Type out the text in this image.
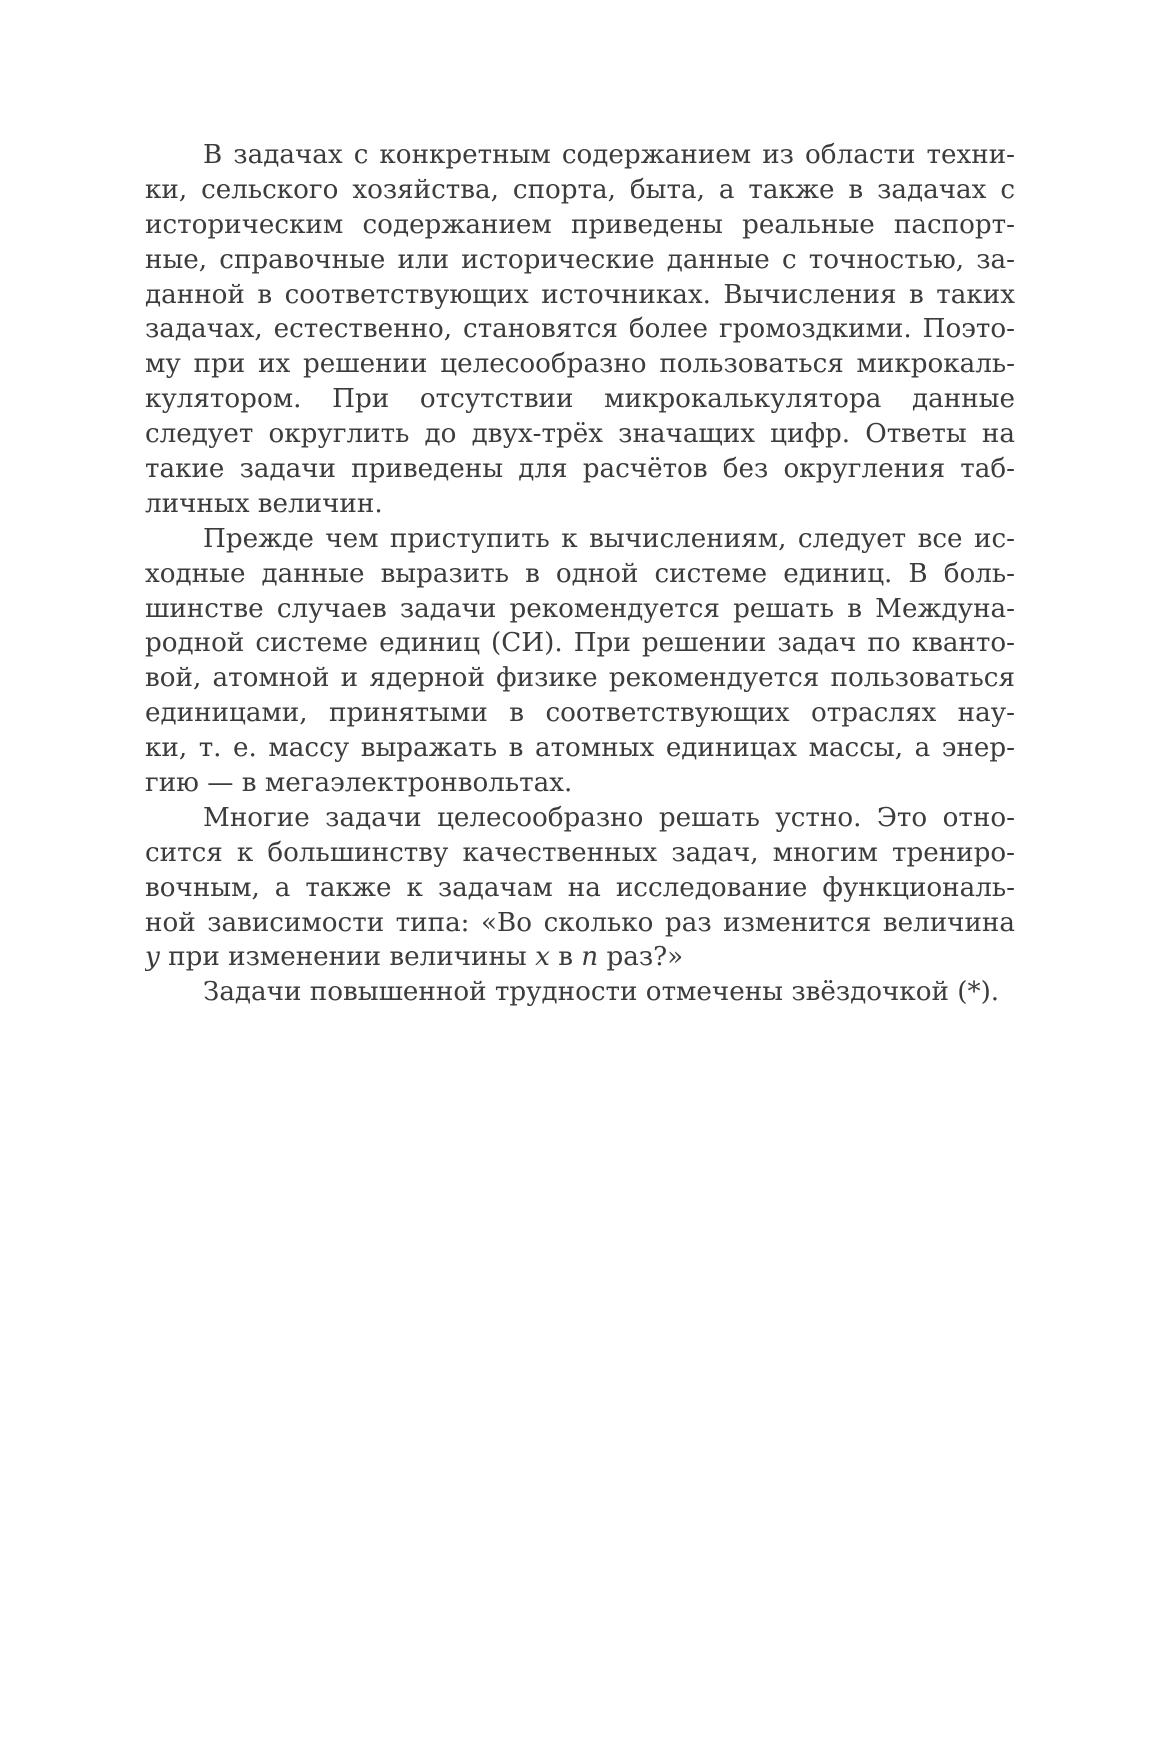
В задачах с конкретным содержанием из области техни-
ки, сельского хозяйства, спорта, быта, а также в задачах с
историческим содержанием приведены реальные паспорт-
ные, справочные или исторические данные с точностью, за-
данной в соответствующих источниках. Вычисления в таких
задачах, естественно, становятся более громоздкими. Поэто-
му при их решении целесообразно пользоваться микрокаль-
кулятором. При отсутствии микрокалькулятора данные
следует округлить до двух-трёх значащих цифр. Ответы на
такие задачи приведены для расчётов без округления таб-
личных величин.
Прежде чем приступить к вычислениям, следует все ис-
ходные данные выразить в одной системе единиц. В боль-
шинстве случаев задачи рекомендуется решать в Междуна-
родной системе единиц (СИ). При решении задач по кванто-
вой, атомной и ядерной физике рекомендуется пользоваться
единицами, принятыми в соответствующих отраслях нау-
ки, т. е. массу выражать в атомных единицах массы, а энер-
гию — в мегаэлектронвольтах.
Многие задачи целесообразно решать устно. Это отно-
сится к большинству качественных задач, многим трениро-
вочным, а также к задачам на исследование функциональ-
ной зависимости типа: «Во сколько раз изменится величина
y при изменении величины x в n раз?»
Задачи повышенной трудности отмечены звёздочкой (*).
